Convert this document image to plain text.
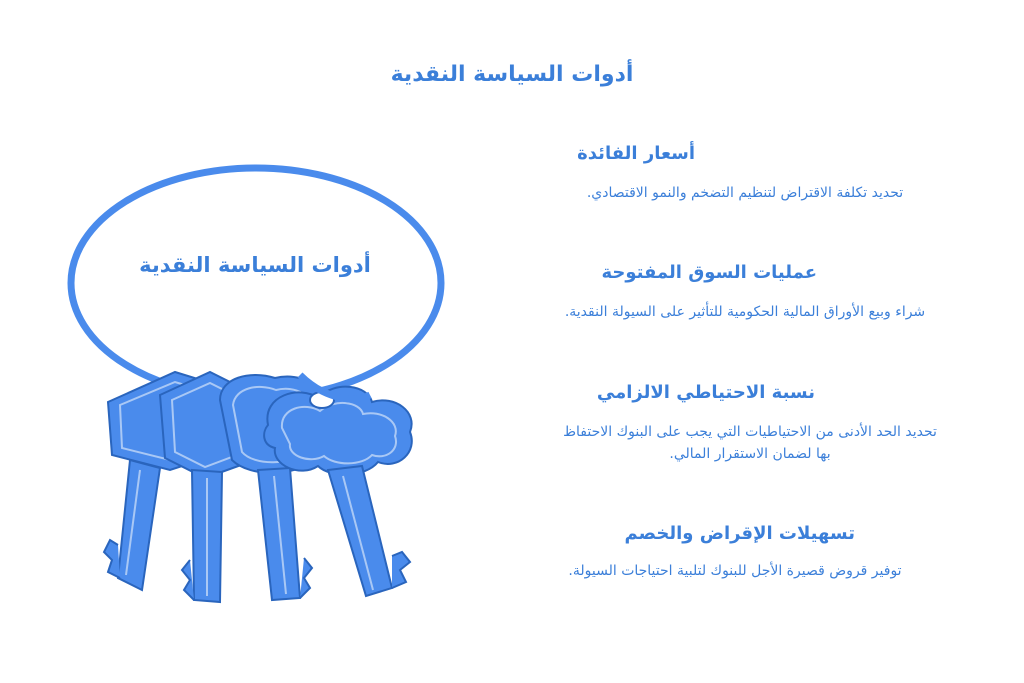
أدوات السياسة النقدية
أدوات السياسة النقدية

أسعار الفائدة

تحديد تكلفة الاقتراض لتنظيم التضخم والنمو الاقتصادي.

عمليات السوق المفتوحة

شراء وبيع الأوراق المالية الحكومية للتأثير على السيولة النقدية.

نسبة الاحتياطي الالزامي

تحديد الحد الأدنى من الاحتياطيات التي يجب على البنوك الاحتفاظ بها لضمان الاستقرار المالي.

تسهيلات الإقراض والخصم

توفير قروض قصيرة الأجل للبنوك لتلبية احتياجات السيولة.
